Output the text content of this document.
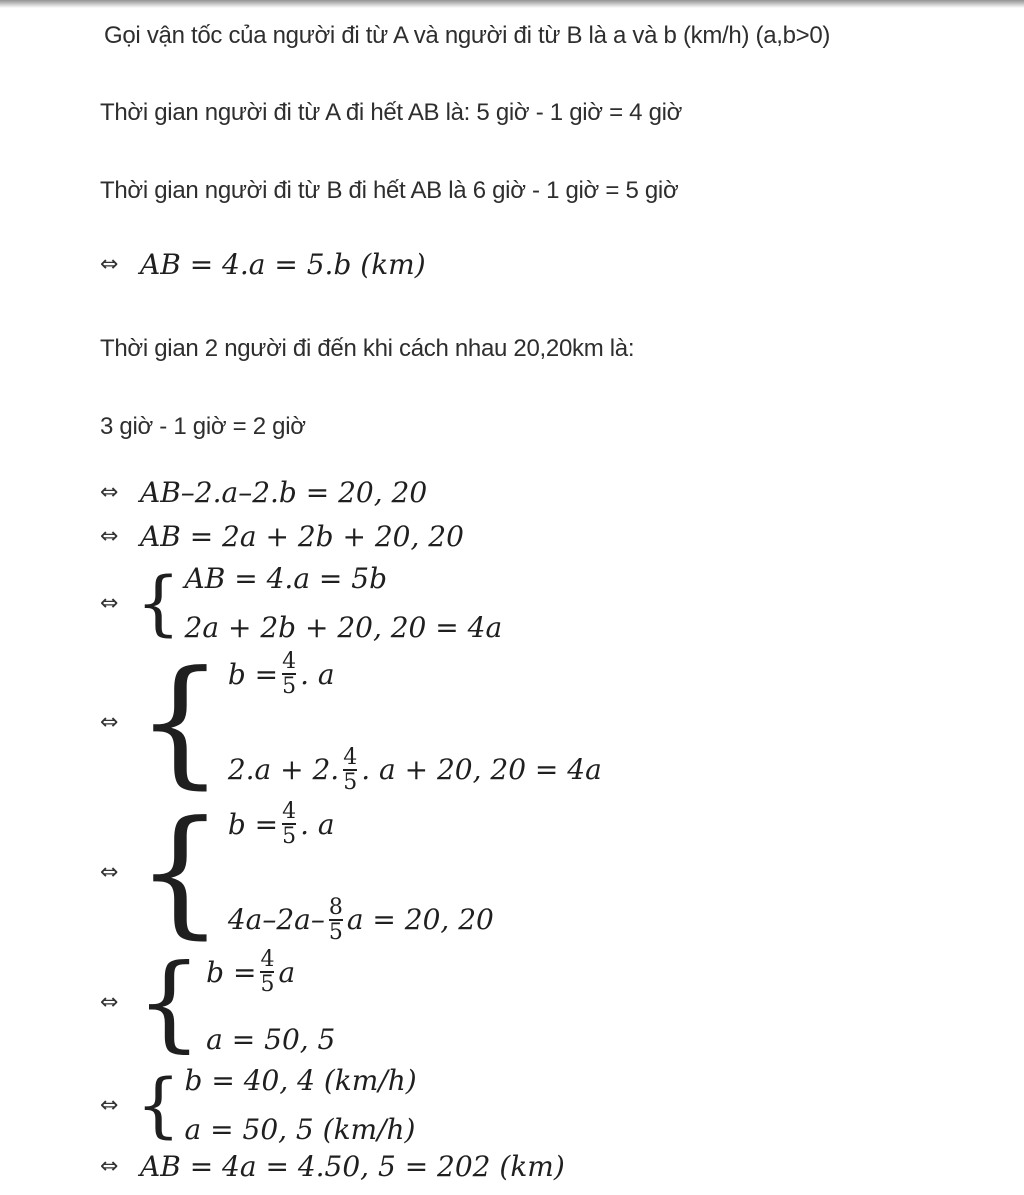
Gọi vận tốc của người đi từ A và người đi từ B là a và b (km/h) (a,b>0)
Thời gian người đi từ A đi hết AB là: 5 giờ - 1 giờ = 4 giờ
Thời gian người đi từ B đi hết AB là 6 giờ - 1 giờ = 5 giờ
⇔ AB = 4.a = 5.b (km)
Thời gian 2 người đi đến khi cách nhau 20,20km là:
3 giờ - 1 giờ = 2 giờ
⇔ AB–2.a–2.b = 20, 20
⇔ AB = 2a + 2b + 20, 20
⇔ { AB = 4.a = 5b
2a + 2b + 20, 20 = 4a
⇔ { $b = \frac{4}{5}$ . a
2.a + 2. $\frac{4}{5}$ . a + 20, 20 = 4a
⇔ { $b = \frac{4}{5}$ . a
$4a-2a- \frac{8}{5}$ a = 20, 20
⇔ { $b = \frac{4}{5}$ a
a = 50, 5
⇔ { b = 40, 4 (km/h)
a = 50, 5 (km/h)
⇔ AB = 4a = 4.50, 5 = 202 (km)
